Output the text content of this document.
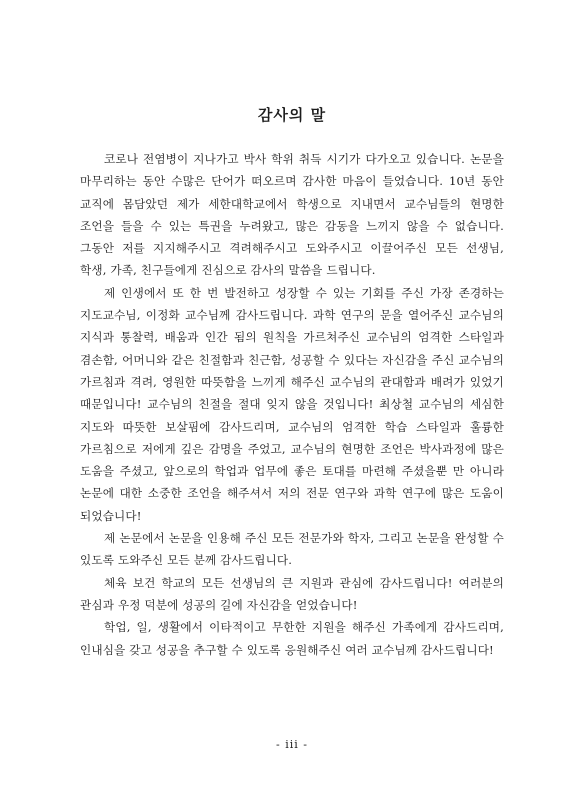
감사의 말

코로나 전염병이 지나가고 박사 학위 취득 시기가 다가오고 있습니다. 논문을 마무리하는 동안 수많은 단어가 떠오르며 감사한 마음이 들었습니다. 10년 동안 교직에 몸담았던 제가 세한대학교에서 학생으로 지내면서 교수님들의 현명한 조언을 들을 수 있는 특권을 누려왔고, 많은 감동을 느끼지 않을 수 없습니다. 그동안 저를 지지해주시고 격려해주시고 도와주시고 이끌어주신 모든 선생님, 학생, 가족, 친구들에게 진심으로 감사의 말씀을 드립니다.

제 인생에서 또 한 번 발전하고 성장할 수 있는 기회를 주신 가장 존경하는 지도교수님, 이정화 교수님께 감사드립니다. 과학 연구의 문을 열어주신 교수님의 지식과 통찰력, 배움과 인간 됨의 원칙을 가르쳐주신 교수님의 엄격한 스타일과 겸손함, 어머니와 같은 친절함과 친근함, 성공할 수 있다는 자신감을 주신 교수님의 가르침과 격려, 영원한 따뜻함을 느끼게 해주신 교수님의 관대함과 배려가 있었기 때문입니다! 교수님의 친절을 절대 잊지 않을 것입니다! 최상철 교수님의 세심한 지도와 따뜻한 보살핌에 감사드리며, 교수님의 엄격한 학습 스타일과 훌륭한 가르침으로 저에게 깊은 감명을 주었고, 교수님의 현명한 조언은 박사과정에 많은 도움을 주셨고, 앞으로의 학업과 업무에 좋은 토대를 마련해 주셨을뿐 만 아니라 논문에 대한 소중한 조언을 해주셔서 저의 전문 연구와 과학 연구에 많은 도움이 되었습니다!

제 논문에서 논문을 인용해 주신 모든 전문가와 학자, 그리고 논문을 완성할 수 있도록 도와주신 모든 분께 감사드립니다.

체육 보건 학교의 모든 선생님의 큰 지원과 관심에 감사드립니다! 여러분의 관심과 우정 덕분에 성공의 길에 자신감을 얻었습니다!

학업, 일, 생활에서 이타적이고 무한한 지원을 해주신 가족에게 감사드리며, 인내심을 갖고 성공을 추구할 수 있도록 응원해주신 여러 교수님께 감사드립니다!

- iii -
